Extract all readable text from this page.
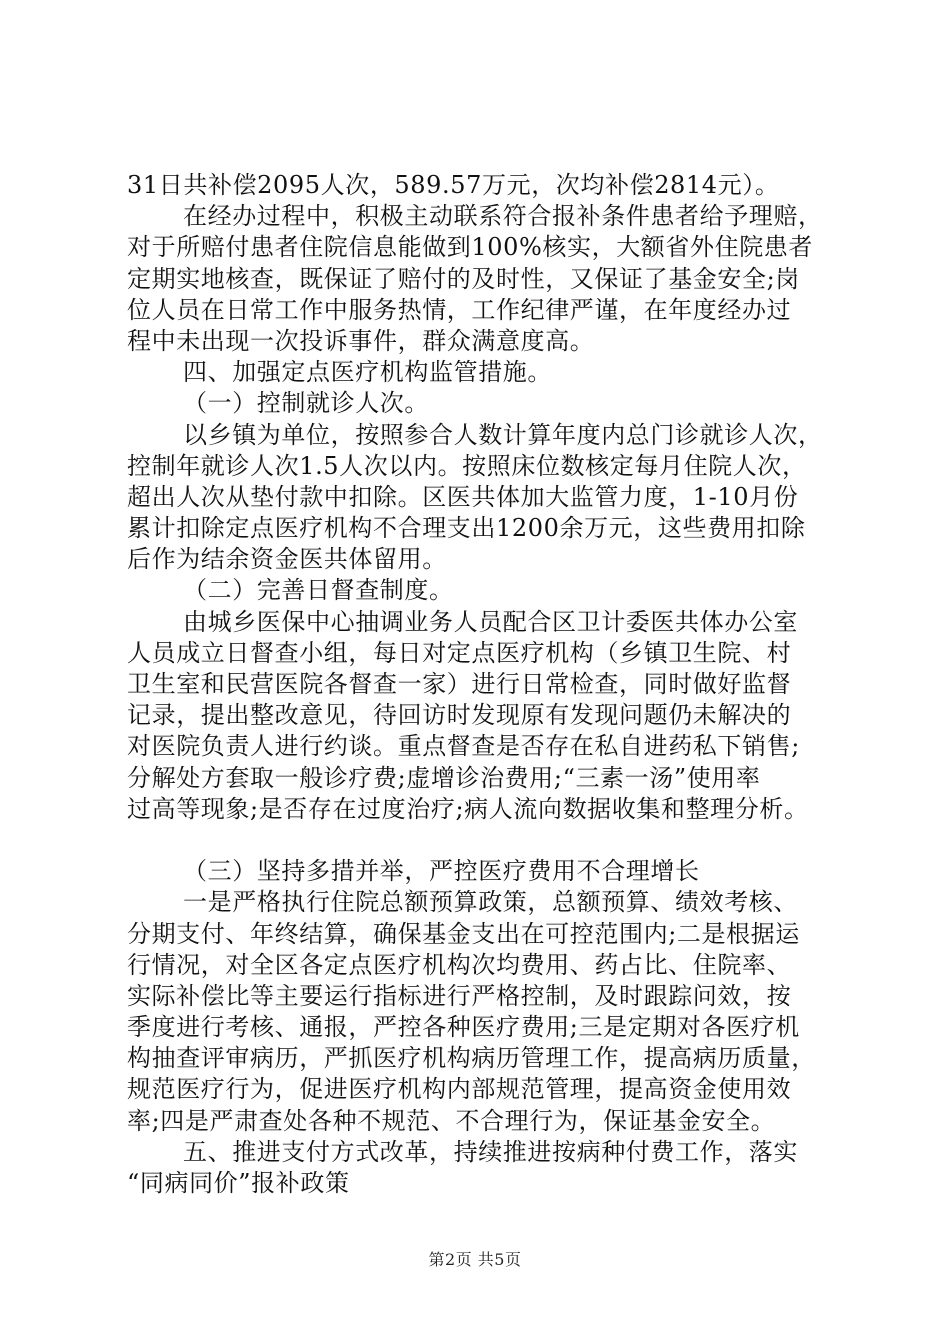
31日共补偿2095人次，589.57万元，次均补偿2814元）。
在经办过程中，积极主动联系符合报补条件患者给予理赔，
对于所赔付患者住院信息能做到100%核实，大额省外住院患者
定期实地核查，既保证了赔付的及时性，又保证了基金安全;岗
位人员在日常工作中服务热情，工作纪律严谨，在年度经办过
程中未出现一次投诉事件，群众满意度高。
四、加强定点医疗机构监管措施。
（一）控制就诊人次。
以乡镇为单位，按照参合人数计算年度内总门诊就诊人次，
控制年就诊人次1.5人次以内。按照床位数核定每月住院人次，
超出人次从垫付款中扣除。区医共体加大监管力度，1-10月份
累计扣除定点医疗机构不合理支出1200余万元，这些费用扣除
后作为结余资金医共体留用。
（二）完善日督查制度。
由城乡医保中心抽调业务人员配合区卫计委医共体办公室
人员成立日督查小组，每日对定点医疗机构（乡镇卫生院、村
卫生室和民营医院各督查一家）进行日常检查，同时做好监督
记录，提出整改意见，待回访时发现原有发现问题仍未解决的
对医院负责人进行约谈。重点督查是否存在私自进药私下销售;
分解处方套取一般诊疗费;虚增诊治费用;“三素一汤”使用率
过高等现象;是否存在过度治疗;病人流向数据收集和整理分析。
（三）坚持多措并举，严控医疗费用不合理增长
一是严格执行住院总额预算政策，总额预算、绩效考核、
分期支付、年终结算，确保基金支出在可控范围内;二是根据运
行情况，对全区各定点医疗机构次均费用、药占比、住院率、
实际补偿比等主要运行指标进行严格控制，及时跟踪问效，按
季度进行考核、通报，严控各种医疗费用;三是定期对各医疗机
构抽查评审病历，严抓医疗机构病历管理工作，提高病历质量，
规范医疗行为，促进医疗机构内部规范管理，提高资金使用效
率;四是严肃查处各种不规范、不合理行为，保证基金安全。
五、推进支付方式改革，持续推进按病种付费工作，落实
“同病同价”报补政策
第2页 共5页
